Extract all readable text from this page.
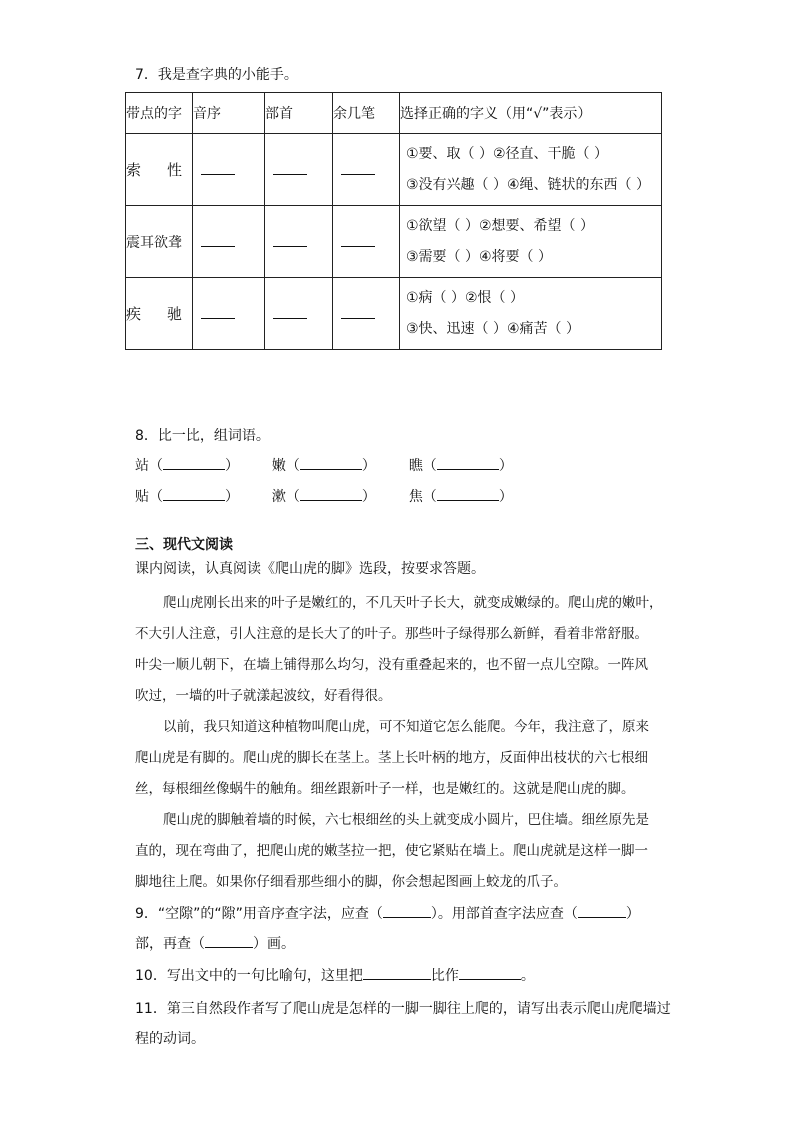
7．我是查字典的小能手。
带点的字	音序	部首	余几笔	选择正确的字义（用“√”表示）
索 性				①要、取（ ）②径直、干脆（ ）
③没有兴趣（ ）④绳、链状的东西（ ）

震耳欲聋				①欲望（ ）②想要、希望（ ）
③需要（ ）④将要（ ）

疾 驰				①病（ ）②恨（ ）
③快、迅速（ ）④痛苦（ ）
8．比一比，组词语。
站（	） 嫩（	） 瞧（	）
贴（	） 漱（	） 焦（	）
三、现代文阅读
课内阅读，认真阅读《爬山虎的脚》选段，按要求答题。
爬山虎刚长出来的叶子是嫩红的，不几天叶子长大，就变成嫩绿的。爬山虎的嫩叶，
不大引人注意，引人注意的是长大了的叶子。那些叶子绿得那么新鲜，看着非常舒服。
叶尖一顺儿朝下，在墙上铺得那么均匀，没有重叠起来的，也不留一点儿空隙。一阵风
吹过，一墙的叶子就漾起波纹，好看得很。
以前，我只知道这种植物叫爬山虎，可不知道它怎么能爬。今年，我注意了，原来
爬山虎是有脚的。爬山虎的脚长在茎上。茎上长叶柄的地方，反面伸出枝状的六七根细
丝，每根细丝像蜗牛的触角。细丝跟新叶子一样，也是嫩红的。这就是爬山虎的脚。
爬山虎的脚触着墙的时候，六七根细丝的头上就变成小圆片，巴住墙。细丝原先是
直的，现在弯曲了，把爬山虎的嫩茎拉一把，使它紧贴在墙上。爬山虎就是这样一脚一
脚地往上爬。如果你仔细看那些细小的脚，你会想起图画上蛟龙的爪子。
9．“空隙”的“隙”用音序查字法，应查（	）。用部首查字法应查（	）
部，再查（	）画。
10．写出文中的一句比喻句，这里把	比作	。
11．第三自然段作者写了爬山虎是怎样的一脚一脚往上爬的，请写出表示爬山虎爬墙过
程的动词。
